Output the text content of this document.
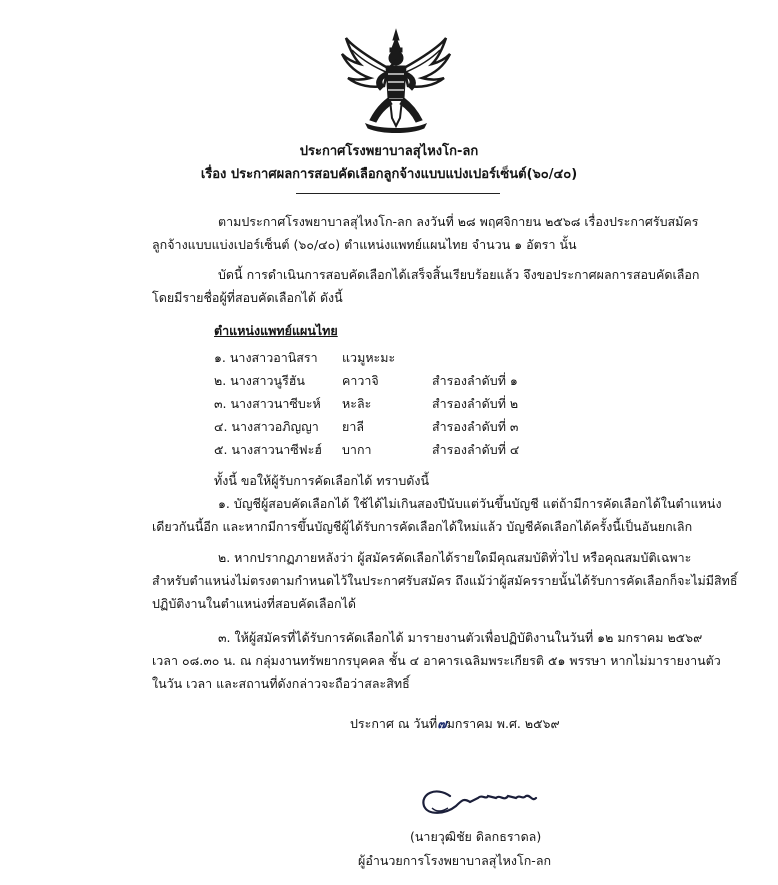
ประกาศโรงพยาบาลสุไหงโก-ลก
เรื่อง ประกาศผลการสอบคัดเลือกลูกจ้างแบบแบ่งเปอร์เซ็นต์(๖๐/๔๐)
ตามประกาศโรงพยาบาลสุไหงโก-ลก ลงวันที่ ๒๘ พฤศจิกายน ๒๕๖๘ เรื่องประกาศรับสมัคร
ลูกจ้างแบบแบ่งเปอร์เซ็นต์ (๖๐/๔๐) ตำแหน่งแพทย์แผนไทย จำนวน ๑ อัตรา นั้น
บัดนี้ การดำเนินการสอบคัดเลือกได้เสร็จสิ้นเรียบร้อยแล้ว จึงขอประกาศผลการสอบคัดเลือก
โดยมีรายชื่อผู้ที่สอบคัดเลือกได้ ดังนี้
ตำแหน่งแพทย์แผนไทย
๑. นางสาวอานิสรา แวมูหะมะ
๒. นางสาวนูรีฮัน	คาวาจิ	สำรองลำดับที่ ๑
๓. นางสาวนาซีบะห์ หะลิะ	สำรองลำดับที่ ๒
๔. นางสาวอภิญญา ยาลี	สำรองลำดับที่ ๓
๕. นางสาวนาซีฟะฮ์ บากา	สำรองลำดับที่ ๔
ทั้งนี้ ขอให้ผู้รับการคัดเลือกได้ ทราบดังนี้
๑. บัญชีผู้สอบคัดเลือกได้ ใช้ได้ไม่เกินสองปีนับแต่วันขึ้นบัญชี แต่ถ้ามีการคัดเลือกได้ในตำแหน่ง
เดียวกันนี้อีก และหากมีการขึ้นบัญชีผู้ได้รับการคัดเลือกได้ใหม่แล้ว บัญชีคัดเลือกได้ครั้งนี้เป็นอันยกเลิก
๒. หากปรากฏภายหลังว่า ผู้สมัครคัดเลือกได้รายใดมีคุณสมบัติทั่วไป หรือคุณสมบัติเฉพาะ
สำหรับตำแหน่งไม่ตรงตามกำหนดไว้ในประกาศรับสมัคร ถึงแม้ว่าผู้สมัครรายนั้นได้รับการคัดเลือกก็จะไม่มีสิทธิ์
ปฏิบัติงานในตำแหน่งที่สอบคัดเลือกได้
๓. ให้ผู้สมัครที่ได้รับการคัดเลือกได้ มารายงานตัวเพื่อปฏิบัติงานในวันที่ ๑๒ มกราคม ๒๕๖๙
เวลา ๐๘.๓๐ น. ณ กลุ่มงานทรัพยากรบุคคล ชั้น ๔ อาคารเฉลิมพระเกียรติ ๕๑ พรรษา หากไม่มารายงานตัว
ในวัน เวลา และสถานที่ดังกล่าวจะถือว่าสละสิทธิ์
ประกาศ ณ วันที่๗มกราคม พ.ศ. ๒๕๖๙
(นายวุฒิชัย ดิลกธราดล)
ผู้อำนวยการโรงพยาบาลสุไหงโก-ลก
